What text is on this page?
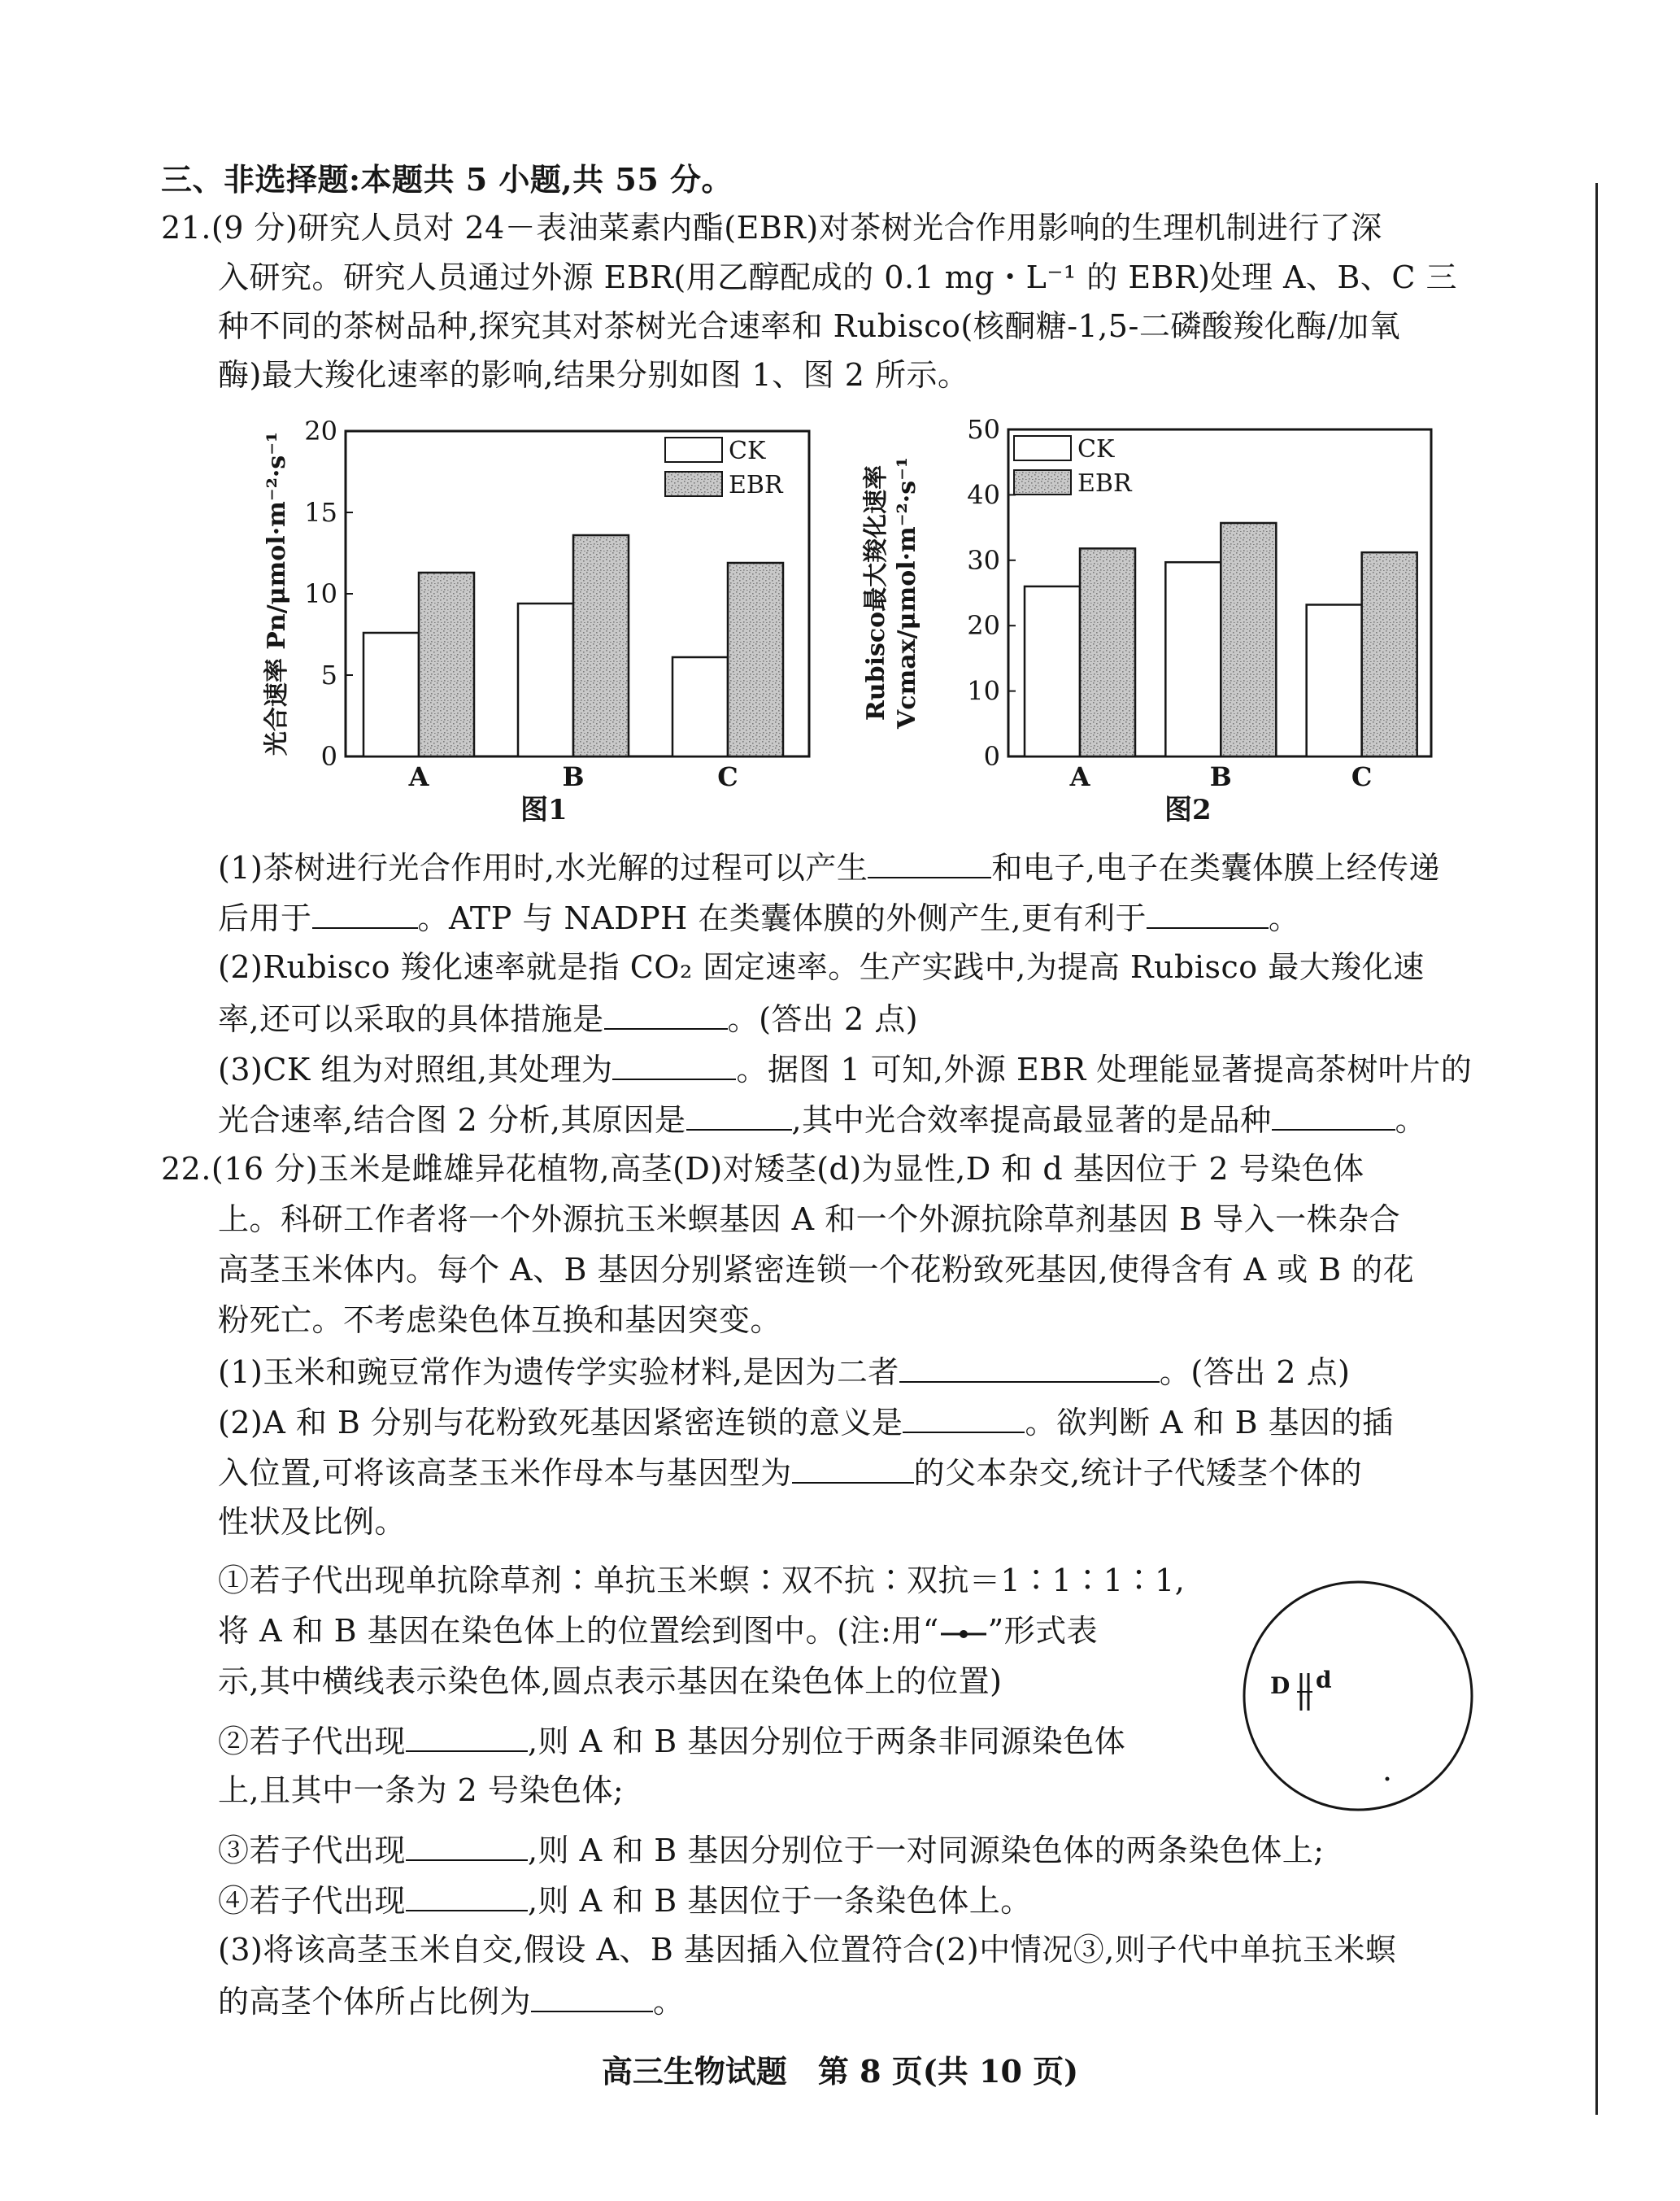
三、非选择题:本题共 5 小题,共 55 分。
21.(9 分)研究人员对 24－表油菜素内酯(EBR)对茶树光合作用影响的生理机制进行了深
入研究。研究人员通过外源 EBR(用乙醇配成的 0.1 mg・L⁻¹ 的 EBR)处理 A、B、C 三
种不同的茶树品种,探究其对茶树光合速率和 Rubisco(核酮糖-1,5-二磷酸羧化酶/加氧
酶)最大羧化速率的影响,结果分别如图 1、图 2 所示。
0
5
10
15
20
A	B	C
CK
EBR
光合速率 Pn/μmol·m⁻²·s⁻¹
图1
0
10
20
30
40
50
A	B	C
CK
EBR
Rubisco最大羧化速率 Vcmax/μmol·m⁻²·s⁻¹
图2
(1)茶树进行光合作用时,水光解的过程可以产生	和电子,电子在类囊体膜上经传递
后用于	。ATP 与 NADPH 在类囊体膜的外侧产生,更有利于	。
(2)Rubisco 羧化速率就是指 CO₂ 固定速率。生产实践中,为提高 Rubisco 最大羧化速
率,还可以采取的具体措施是	。(答出 2 点)
(3)CK 组为对照组,其处理为	。据图 1 可知,外源 EBR 处理能显著提高茶树叶片的
光合速率,结合图 2 分析,其原因是	,其中光合效率提高最显著的是品种	。
22.(16 分)玉米是雌雄异花植物,高茎(D)对矮茎(d)为显性,D 和 d 基因位于 2 号染色体
上。科研工作者将一个外源抗玉米螟基因 A 和一个外源抗除草剂基因 B 导入一株杂合
高茎玉米体内。每个 A、B 基因分别紧密连锁一个花粉致死基因,使得含有 A 或 B 的花
粉死亡。不考虑染色体互换和基因突变。
(1)玉米和豌豆常作为遗传学实验材料,是因为二者	。(答出 2 点)
(2)A 和 B 分别与花粉致死基因紧密连锁的意义是	。欲判断 A 和 B 基因的插
入位置,可将该高茎玉米作母本与基因型为	的父本杂交,统计子代矮茎个体的
性状及比例。
①若子代出现单抗除草剂∶单抗玉米螟∶双不抗∶双抗＝1∶1∶1∶1,
将 A 和 B 基因在染色体上的位置绘到图中。(注:用“ ”形式表
示,其中横线表示染色体,圆点表示基因在染色体上的位置)
②若子代出现	,则 A 和 B 基因分别位于两条非同源染色体
上,且其中一条为 2 号染色体;
③若子代出现	,则 A 和 B 基因分别位于一对同源染色体的两条染色体上;
④若子代出现	,则 A 和 B 基因位于一条染色体上。
(3)将该高茎玉米自交,假设 A、B 基因插入位置符合(2)中情况③,则子代中单抗玉米螟
的高茎个体所占比例为	。
D d
高三生物试题　第 8 页(共 10 页)
